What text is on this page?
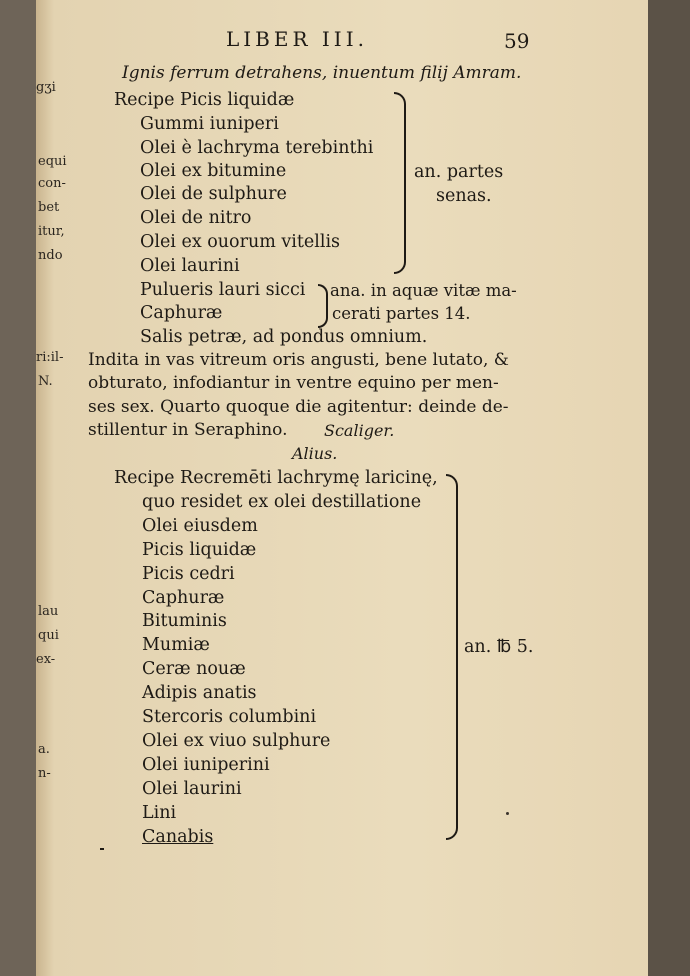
LIBER III.	59
Ignis ferrum detrahens, inuentum filij Amram.
Recipe Picis liquidæ
Gummi iuniperi
Olei è lachryma terebinthi
Olei ex bitumine
Olei de sulphure
Olei de nitro
Olei ex ouorum vitellis
Olei laurini
an. partes
senas.
Pulueris lauri sicci
Caphuræ
ana. in aquæ vitæ ma-
cerati partes 14.
Salis petræ, ad pondus omnium.
Indita in vas vitreum oris angusti, bene lutato, &
obturato, infodiantur in ventre equino per men-
ses sex. Quarto quoque die agitentur: deinde de-
stillentur in Seraphino. Scaliger.
Alius.
Recipe Recremēti lachrymę laricinę,
quo residet ex olei destillatione
Olei eiusdem
Picis liquidæ
Picis cedri
Caphuræ
Bituminis
Mumiæ
Ceræ nouæ
Adipis anatis
Stercoris columbini
Olei ex viuo sulphure
Olei iuniperini
Olei laurini
Lini
Canabis
an. ℔ 5.
gʒi
equi
con-
bet
itur,
ndo
ri:il-
N.
lau
qui
ex-
a.
n-
